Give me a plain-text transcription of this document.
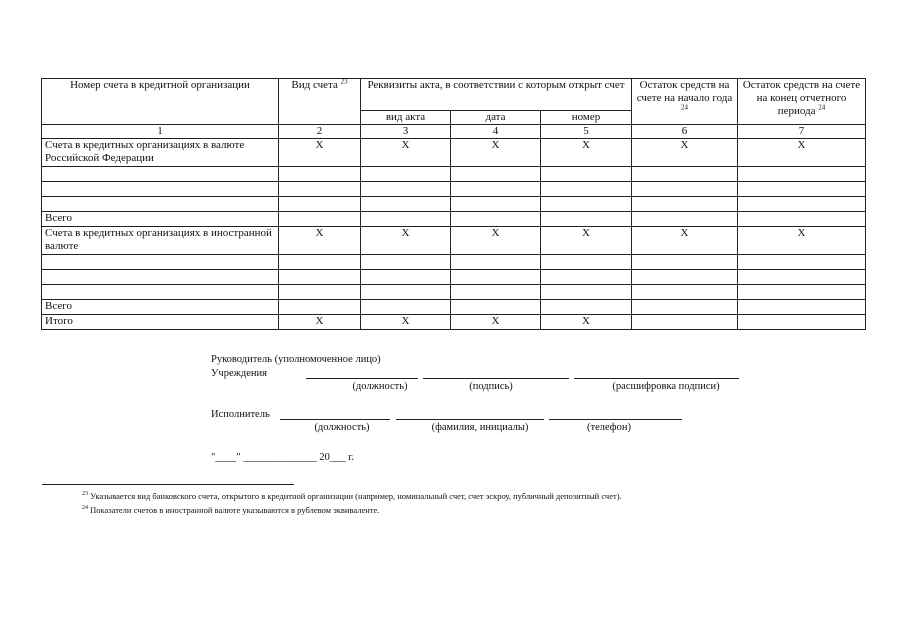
Номер счета в кредитной организации	Вид счета $^{23}$	Реквизиты акта, в соответствии с которым открыт счет			Остаток средств на счете на начало года $^{24}$	Остаток средств на счете на конец отчетного периода $^{24}$
		вид акта	дата	номер		
1	2	3	4	5	6	7
Счета в кредитных организациях в валюте Российской Федерации	X	X	X	X	X	X

Всего						
Счета в кредитных организациях в иностранной валюте	X	X	X	X	X	X

Всего						
Итого	X	X	X	X		
Руководитель (уполномоченное лицо)
Учреждения
(должность)	(подпись)	(расшифровка подписи)
Исполнитель
(должность)	(фамилия, инициалы)	(телефон)
"____" ______________ 20___ г.
$^{23}$ Указывается вид банковского счета, открытого в кредитной организации (например, номинальный счет, счет эскроу, публичный депозитный счет).
$^{24}$ Показатели счетов в иностранной валюте указываются в рублевом эквиваленте.
